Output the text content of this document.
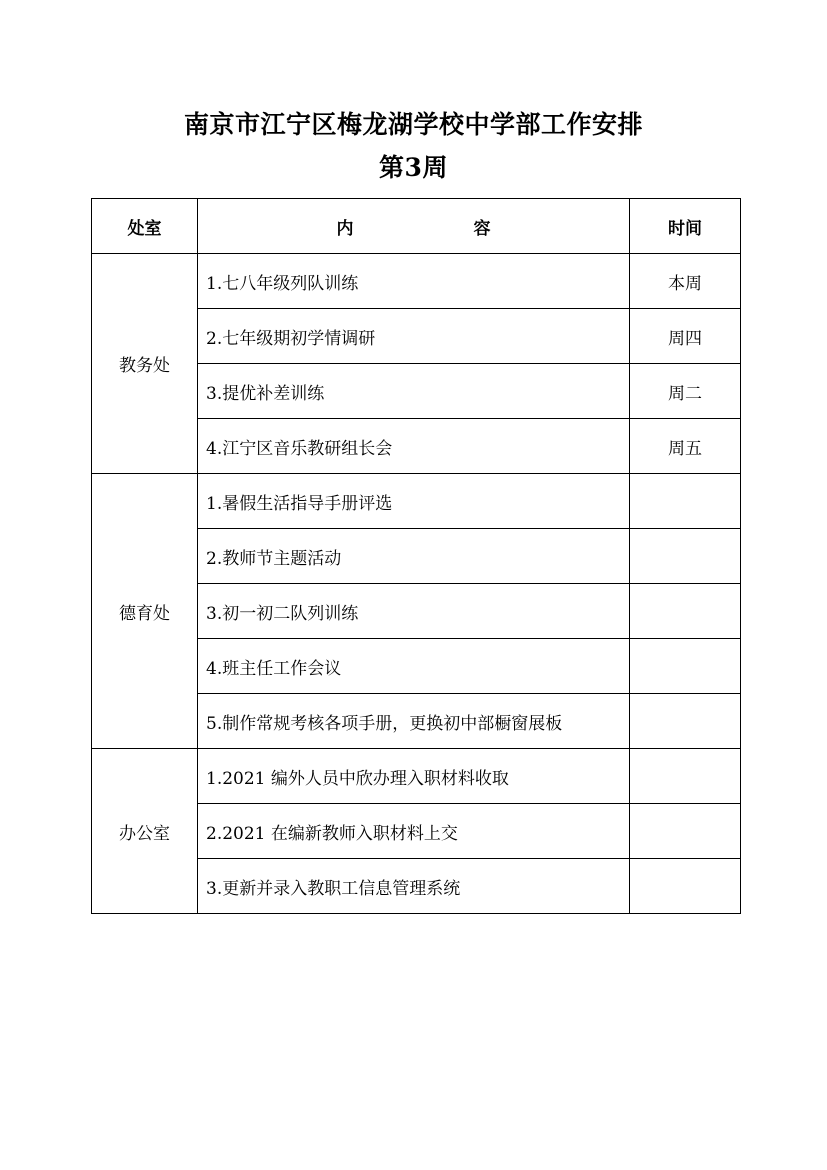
南京市江宁区梅龙湖学校中学部工作安排
第3周
处室	内 容	时间
教务处	1.七八年级列队训练	本周
	2.七年级期初学情调研	周四
	3.提优补差训练	周二
	4.江宁区音乐教研组长会	周五
德育处	1.暑假生活指导手册评选	
	2.教师节主题活动	
	3.初一初二队列训练	
	4.班主任工作会议	
	5.制作常规考核各项手册，更换初中部橱窗展板	
办公室	1.2021 编外人员中欣办理入职材料收取	
	2.2021 在编新教师入职材料上交	
	3.更新并录入教职工信息管理系统	
